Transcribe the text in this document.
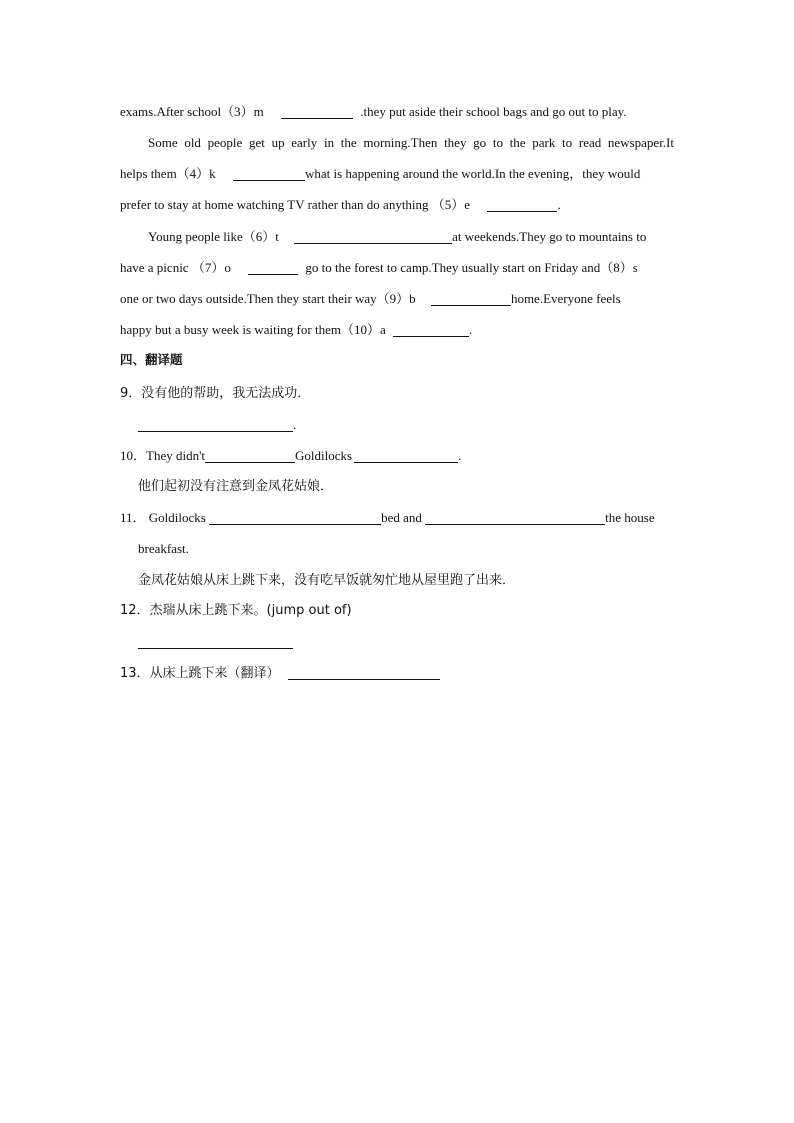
exams.After school（3）m	.they put aside their school bags and go out to play.
Some old people get up early in the morning.Then they go to the park to read newspaper.It
helps them（4）k	what is happening around the world.In the evening，they would
prefer to stay at home watching TV rather than do anything （5）e	.
Young people like（6）t	at weekends.They go to mountains to
have a picnic （7）o	go to the forest to camp.They usually start on Friday and（8）s
one or two days outside.Then they start their way（9）b	home.Everyone feels
happy but a busy week is waiting for them（10）a	.
四、翻译题
9．没有他的帮助，我无法成功．
.
10．They didn't	Goldilocks	.
他们起初没有注意到金凤花姑娘．
11． Goldilocks	bed and	the house
breakfast.
金凤花姑娘从床上跳下来，没有吃早饭就匆忙地从屋里跑了出来．
12．杰瑞从床上跳下来。(jump out of)
13．从床上跳下来（翻译）
